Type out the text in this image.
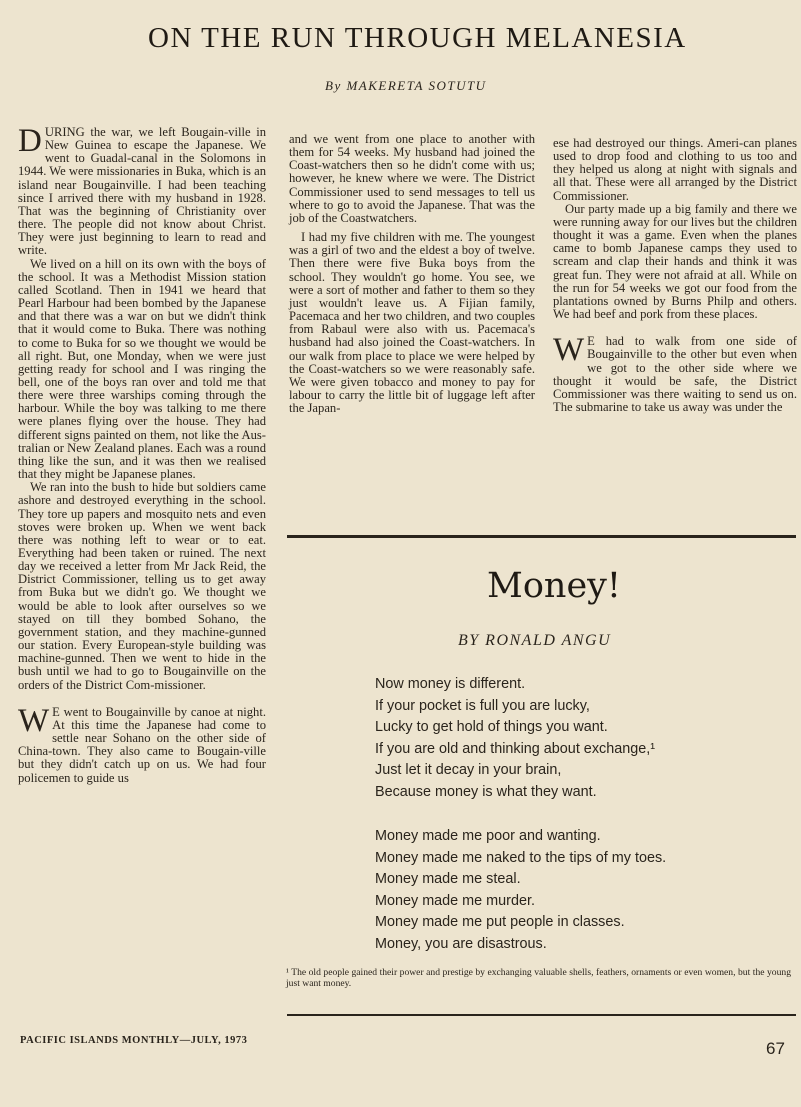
ON THE RUN THROUGH MELANESIA
By MAKERETA SOTUTU

DURING the war, we left Bougain-ville in New Guinea to escape the Japanese. We went to Guadal-canal in the Solomons in 1944. We were missionaries in Buka, which is an island near Bougainville. I had been teaching since I arrived there with my husband in 1928. That was the beginning of Christianity over there. The people did not know about Christ. They were just beginning to learn to read and write.

We lived on a hill on its own with the boys of the school. It was a Methodist Mission station called Scotland. Then in 1941 we heard that Pearl Harbour had been bombed by the Japanese and that there was a war on but we didn't think that it would come to Buka. There was nothing to come to Buka for so we thought we would be all right. But, one Monday, when we were just getting ready for school and I was ringing the bell, one of the boys ran over and told me that there were three warships coming through the harbour. While the boy was talking to me there were planes flying over the house. They had different signs painted on them, not like the Aus-tralian or New Zealand planes. Each was a round thing like the sun, and it was then we realised that they might be Japanese planes.

We ran into the bush to hide but soldiers came ashore and destroyed everything in the school. They tore up papers and mosquito nets and even stoves were broken up. When we went back there was nothing left to wear or to eat. Everything had been taken or ruined. The next day we received a letter from Mr Jack Reid, the District Commissioner, telling us to get away from Buka but we didn't go. We thought we would be able to look after ourselves so we stayed on till they bombed Sohano, the government station, and they machine-gunned our station. Every European-style building was machine-gunned. Then we went to hide in the bush until we had to go to Bougainville on the orders of the District Com-missioner.

W E went to Bougainville by canoe at night. At this time the Japanese had come to settle near Sohano on the other side of China-town. They also came to Bougain-ville but they didn't catch up on us. We had four policemen to guide us

and we went from one place to another with them for 54 weeks. My husband had joined the Coast-watchers then so he didn't come with us; however, he knew where we were. The District Commissioner used to send messages to tell us where to go to avoid the Japanese. That was the job of the Coastwatchers.

I had my five children with me. The youngest was a girl of two and the eldest a boy of twelve. Then there were five Buka boys from the school. They wouldn't go home. You see, we were a sort of mother and father to them so they just wouldn't leave us. A Fijian family, Pacemaca and her two children, and two couples from Rabaul were also with us. Pacemaca's husband had also joined the Coast-watchers. In our walk from place to place we were helped by the Coast-watchers so we were reasonably safe. We were given tobacco and money to pay for labour to carry the little bit of luggage left after the Japan-

ese had destroyed our things. Ameri-can planes used to drop food and clothing to us too and they helped us along at night with signals and all that. These were all arranged by the District Commissioner.

Our party made up a big family and there we were running away for our lives but the children thought it was a game. Even when the planes came to bomb Japanese camps they used to scream and clap their hands and think it was great fun. They were not afraid at all. While on the run for 54 weeks we got our food from the plantations owned by Burns Philp and others. We had beef and pork from these places.

W E had to walk from one side of Bougainville to the other but even when we got to the other side where we thought it would be safe, the District Commissioner was there waiting to send us on. The submarine to take us away was under the

Money!
BY RONALD ANGU
Now money is different.
If your pocket is full you are lucky,
Lucky to get hold of things you want.
If you are old and thinking about exchange,¹
Just let it decay in your brain,
Because money is what they want.
Money made me poor and wanting.
Money made me naked to the tips of my toes.
Money made me steal.
Money made me murder.
Money made me put people in classes.
Money, you are disastrous.
¹ The old people gained their power and prestige by exchanging valuable shells, feathers, ornaments or even women, but the young just want money.
PACIFIC ISLANDS MONTHLY—JULY, 1973	67
